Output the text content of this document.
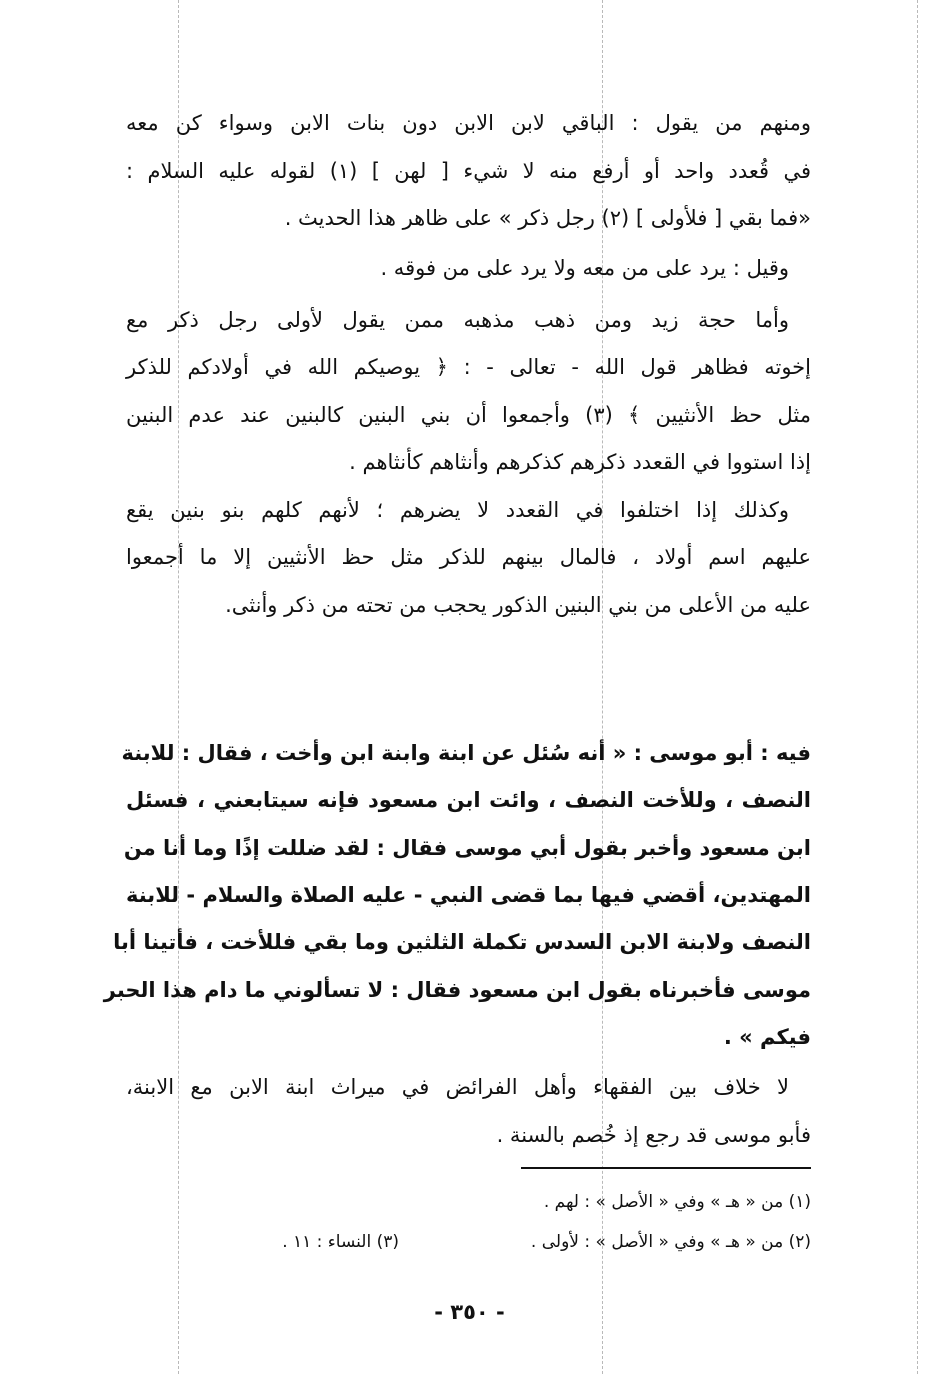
ومنهم من يقول : الباقي لابن الابن دون بنات الابن وسواء كن معه
في قُعدد واحد أو أرفع منه لا شيء [ لهن ] (١) لقوله عليه السلام :
«فما بقي [ فلأولى ] (٢) رجل ذكر » على ظاهر هذا الحديث .
وقيل : يرد على من معه ولا يرد على من فوقه .
وأما حجة زيد ومن ذهب مذهبه ممن يقول لأولى رجل ذكر مع
إخوته فظاهر قول الله - تعالى - : ﴿ يوصيكم الله في أولادكم للذكر
مثل حظ الأنثيين ﴾ (٣) وأجمعوا أن بني البنين كالبنين عند عدم البنين
إذا استووا في القعدد ذكرهم كذكرهم وأنثاهم كأنثاهم .
وكذلك إذا اختلفوا في القعدد لا يضرهم ؛ لأنهم كلهم بنو بنين يقع
عليهم اسم أولاد ، فالمال بينهم للذكر مثل حظ الأنثيين إلا ما أجمعوا
عليه من الأعلى من بني البنين الذكور يحجب من تحته من ذكر وأنثى.
فيه : أبو موسى : « أنه سُئل عن ابنة وابنة ابن وأخت ، فقال : للابنة
النصف ، وللأخت النصف ، وائت ابن مسعود فإنه سيتابعني ، فسئل
ابن مسعود وأخبر بقول أبي موسى فقال : لقد ضللت إذًا وما أنا من
المهتدين، أقضي فيها بما قضى النبي - عليه الصلاة والسلام - للابنة
النصف ولابنة الابن السدس تكملة الثلثين وما بقي فللأخت ، فأتينا أبا
موسى فأخبرناه بقول ابن مسعود فقال : لا تسألوني ما دام هذا الحبر
فيكم » .
لا خلاف بين الفقهاء وأهل الفرائض في ميراث ابنة الابن مع الابنة،
فأبو موسى قد رجع إذ خُصم بالسنة .
(١) من « هـ » وفي « الأصل » : لهم .
(٢) من « هـ » وفي « الأصل » : لأولى .
(٣) النساء : ١١ .
- ٣٥٠ -
